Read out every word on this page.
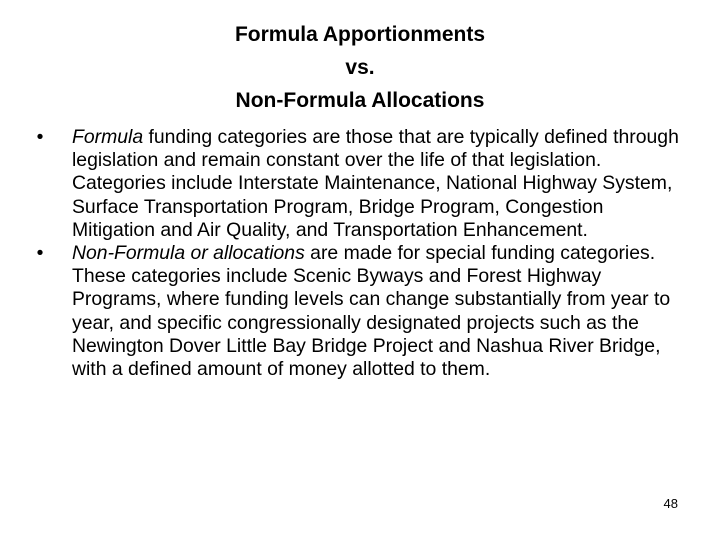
Formula Apportionments
vs.
Non-Formula Allocations
•	Formula funding categories are those that are typically defined through legislation and remain constant over the life of that legislation. Categories include Interstate Maintenance, National Highway System, Surface Transportation Program, Bridge Program, Congestion Mitigation and Air Quality, and Transportation Enhancement.
•	Non-Formula or allocations are made for special funding categories. These categories include Scenic Byways and Forest Highway Programs, where funding levels can change substantially from year to year, and specific congressionally designated projects such as the Newington Dover Little Bay Bridge Project and Nashua River Bridge, with a defined amount of money allotted to them.
48
